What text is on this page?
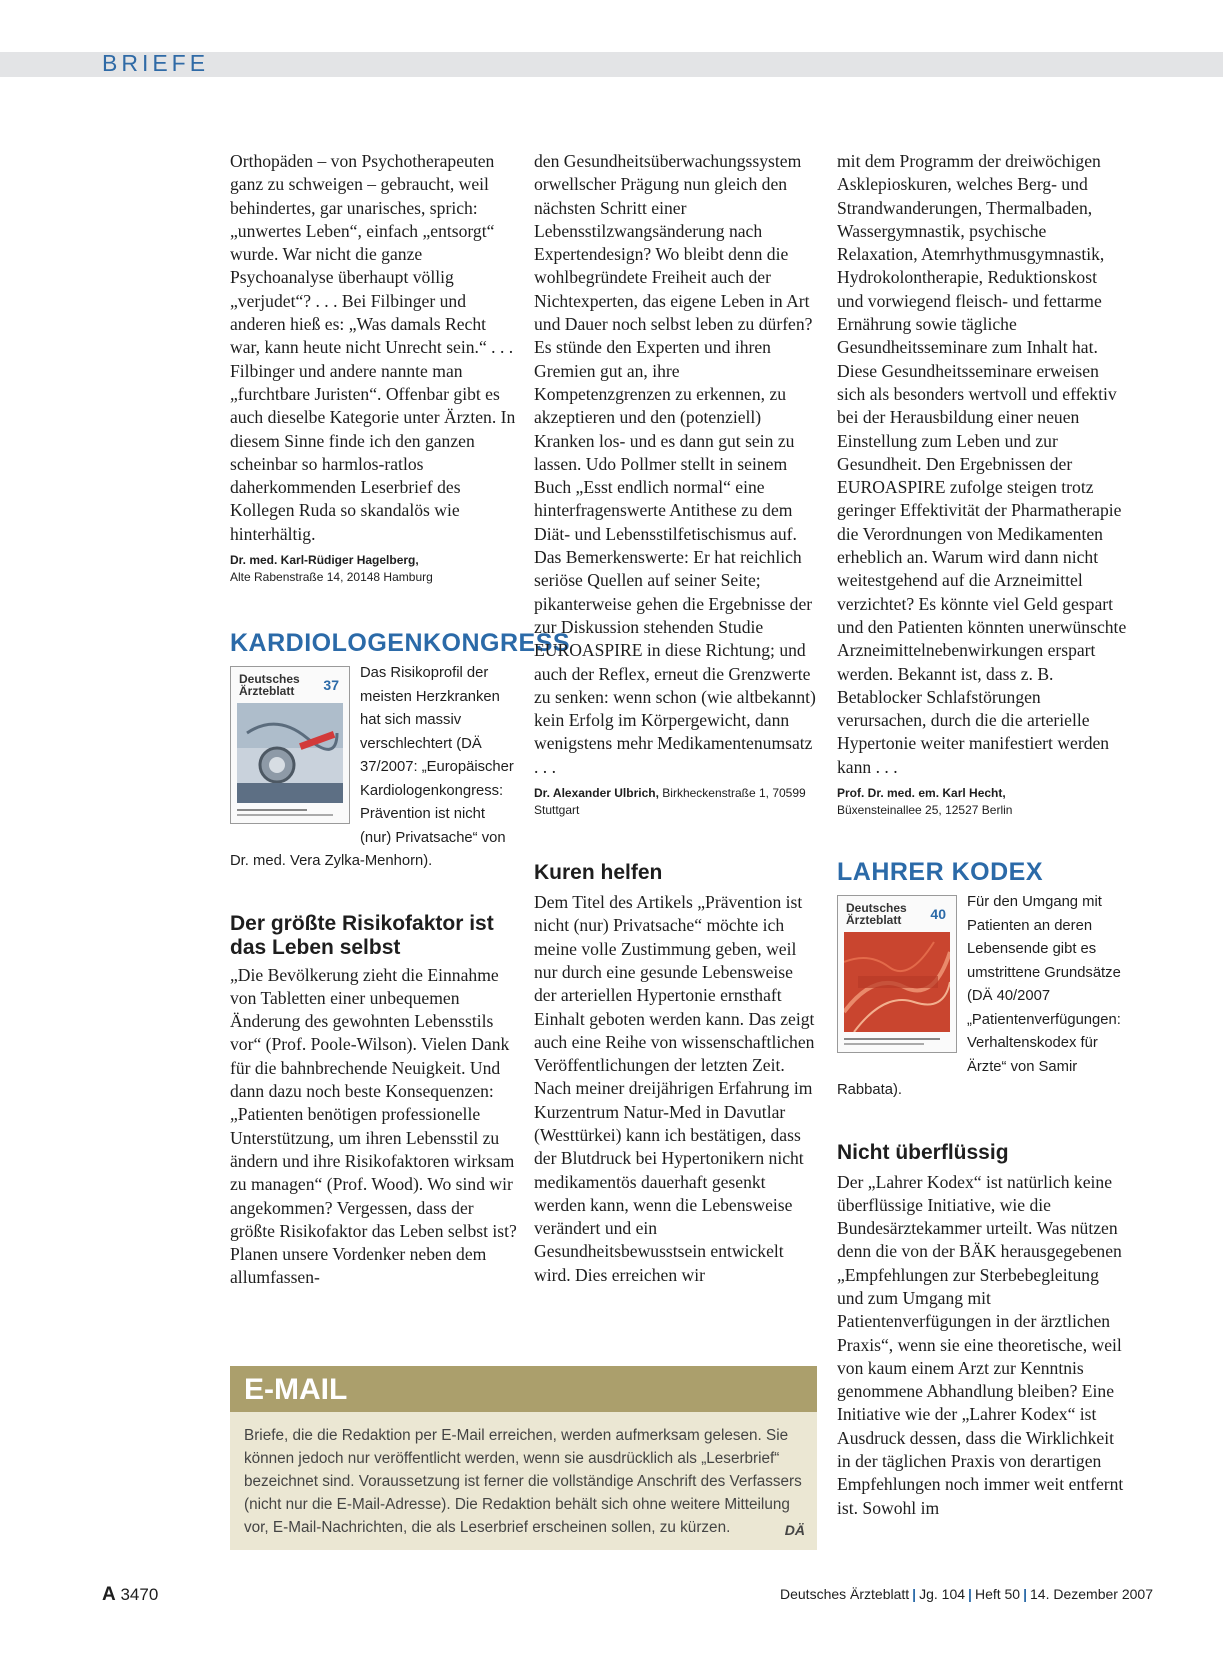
BRIEFE

Orthopäden – von Psychotherapeuten ganz zu schweigen – gebraucht, weil behindertes, gar unarisches, sprich: „unwertes Leben“, einfach „entsorgt“ wurde. War nicht die ganze Psychoanalyse überhaupt völlig „verjudet“? . . . Bei Filbinger und anderen hieß es: „Was damals Recht war, kann heute nicht Unrecht sein.“ . . . Filbinger und andere nannte man „furchtbare Juristen“. Offenbar gibt es auch dieselbe Kategorie unter Ärzten. In diesem Sinne finde ich den ganzen scheinbar so harmlos-ratlos daherkommenden Leserbrief des Kollegen Ruda so skandalös wie hinterhältig.

Dr. med. Karl-Rüdiger Hagelberg,
Alte Rabenstraße 14, 20148 Hamburg

KARDIOLOGENKONGRESS
Deutsches Ärzteblatt	37

Das Risikoprofil der meisten Herzkranken hat sich massiv verschlechtert (DÄ 37/2007: „Europäischer Kardiologenkongress: Prävention ist nicht (nur) Privatsache“ von Dr. med. Vera Zylka-Menhorn).

Der größte Risikofaktor ist das Leben selbst

„Die Bevölkerung zieht die Einnahme von Tabletten einer unbequemen Änderung des gewohnten Lebensstils vor“ (Prof. Poole-Wilson). Vielen Dank für die bahnbrechende Neuigkeit. Und dann dazu noch beste Konsequenzen: „Patienten benötigen professionelle Unterstützung, um ihren Lebensstil zu ändern und ihre Risikofaktoren wirksam zu managen“ (Prof. Wood). Wo sind wir angekommen? Vergessen, dass der größte Risikofaktor das Leben selbst ist? Planen unsere Vordenker neben dem allumfassen-

den Gesundheitsüberwachungssystem orwellscher Prägung nun gleich den nächsten Schritt einer Lebensstilzwangsänderung nach Expertendesign? Wo bleibt denn die wohlbegründete Freiheit auch der Nichtexperten, das eigene Leben in Art und Dauer noch selbst leben zu dürfen? Es stünde den Experten und ihren Gremien gut an, ihre Kompetenzgrenzen zu erkennen, zu akzeptieren und den (potenziell) Kranken los- und es dann gut sein zu lassen. Udo Pollmer stellt in seinem Buch „Esst endlich normal“ eine hinterfragenswerte Antithese zu dem Diät- und Lebensstilfetischismus auf. Das Bemerkenswerte: Er hat reichlich seriöse Quellen auf seiner Seite; pikanterweise gehen die Ergebnisse der zur Diskussion stehenden Studie EUROASPIRE in diese Richtung; und auch der Reflex, erneut die Grenzwerte zu senken: wenn schon (wie altbekannt) kein Erfolg im Körpergewicht, dann wenigstens mehr Medikamentenumsatz . . .

Dr. Alexander Ulbrich, Birkheckenstraße 1, 70599 Stuttgart

Kuren helfen

Dem Titel des Artikels „Prävention ist nicht (nur) Privatsache“ möchte ich meine volle Zustimmung geben, weil nur durch eine gesunde Lebensweise der arteriellen Hypertonie ernsthaft Einhalt geboten werden kann. Das zeigt auch eine Reihe von wissenschaftlichen Veröffentlichungen der letzten Zeit. Nach meiner dreijährigen Erfahrung im Kurzentrum Natur-Med in Davutlar (Westtürkei) kann ich bestätigen, dass der Blutdruck bei Hypertonikern nicht medikamentös dauerhaft gesenkt werden kann, wenn die Lebensweise verändert und ein Gesundheitsbewusstsein entwickelt wird. Dies erreichen wir

mit dem Programm der dreiwöchigen Asklepioskuren, welches Berg- und Strandwanderungen, Thermalbaden, Wassergymnastik, psychische Relaxation, Atemrhythmusgymnastik, Hydrokolontherapie, Reduktionskost und vorwiegend fleisch- und fettarme Ernährung sowie tägliche Gesundheitsseminare zum Inhalt hat. Diese Gesundheitsseminare erweisen sich als besonders wertvoll und effektiv bei der Herausbildung einer neuen Einstellung zum Leben und zur Gesundheit. Den Ergebnissen der EUROASPIRE zufolge steigen trotz geringer Effektivität der Pharmatherapie die Verordnungen von Medikamenten erheblich an. Warum wird dann nicht weitestgehend auf die Arzneimittel verzichtet? Es könnte viel Geld gespart und den Patienten könnten unerwünschte Arzneimittelnebenwirkungen erspart werden. Bekannt ist, dass z. B. Betablocker Schlafstörungen verursachen, durch die die arterielle Hypertonie weiter manifestiert werden kann . . .

Prof. Dr. med. em. Karl Hecht,
Büxensteinallee 25, 12527 Berlin

LAHRER KODEX
Deutsches Ärzteblatt	40

Für den Umgang mit Patienten an deren Lebensende gibt es umstrittene Grundsätze (DÄ 40/2007 „Patientenverfügungen: Verhaltenskodex für Ärzte“ von Samir Rabbata).

Nicht überflüssig

Der „Lahrer Kodex“ ist natürlich keine überflüssige Initiative, wie die Bundesärztekammer urteilt. Was nützen denn die von der BÄK herausgegebenen „Empfehlungen zur Sterbebegleitung und zum Umgang mit Patientenverfügungen in der ärztlichen Praxis“, wenn sie eine theoretische, weil von kaum einem Arzt zur Kenntnis genommene Abhandlung bleiben? Eine Initiative wie der „Lahrer Kodex“ ist Ausdruck dessen, dass die Wirklichkeit in der täglichen Praxis von derartigen Empfehlungen noch immer weit entfernt ist. Sowohl im

E-MAIL

Briefe, die die Redaktion per E-Mail erreichen, werden aufmerksam gelesen. Sie können jedoch nur veröffentlicht werden, wenn sie ausdrücklich als „Leserbrief“ bezeichnet sind. Voraussetzung ist ferner die vollständige Anschrift des Verfassers (nicht nur die E-Mail-Adresse). Die Redaktion behält sich ohne weitere Mitteilung vor, E-Mail-Nachrichten, die als Leserbrief erscheinen sollen, zu kürzen.	DÄ
A 3470	Deutsches Ärzteblatt | Jg. 104 | Heft 50 | 14. Dezember 2007
